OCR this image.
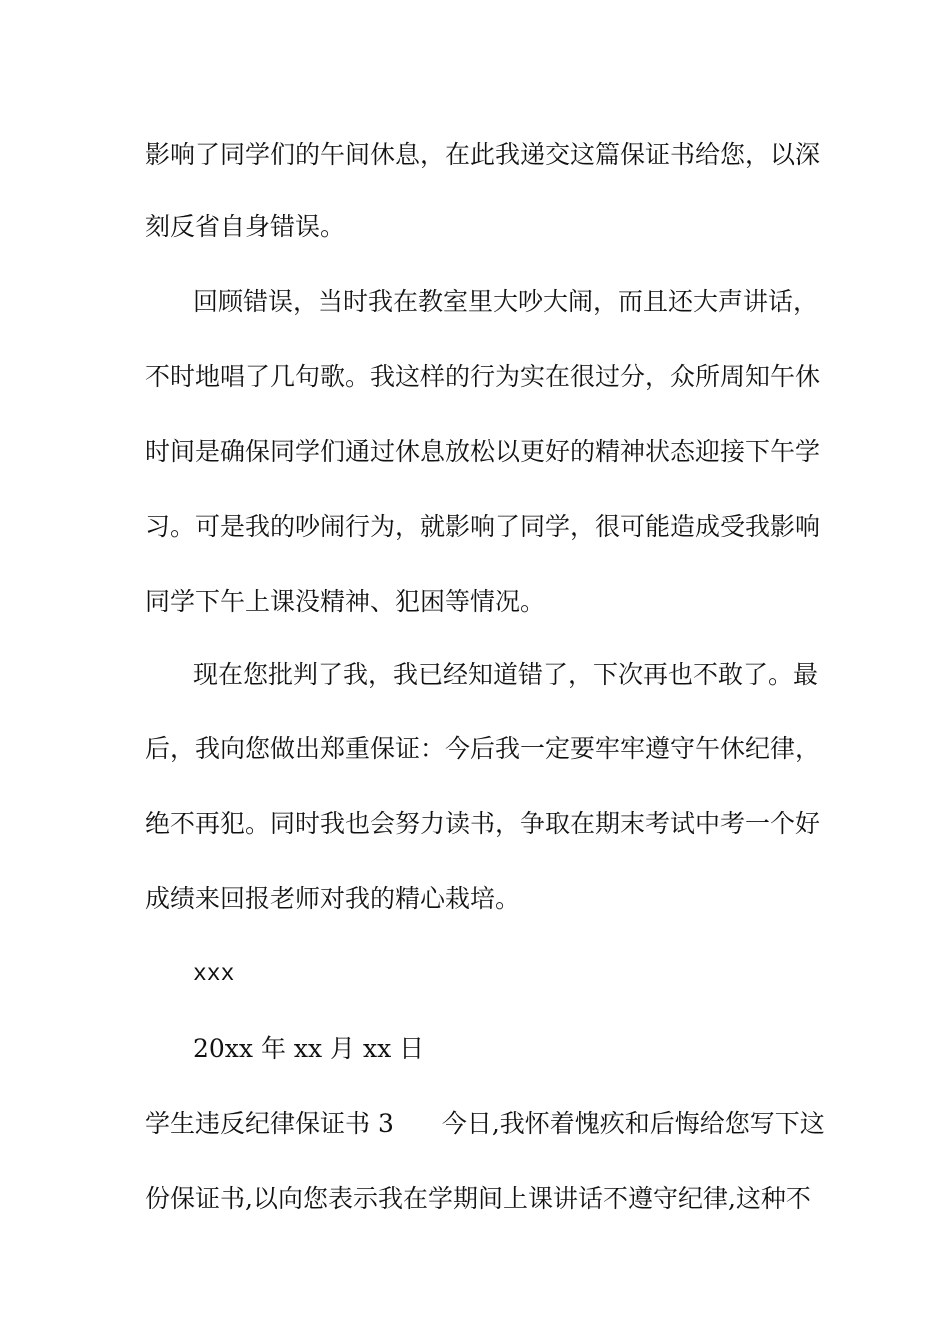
影响了同学们的午间休息，在此我递交这篇保证书给您，以深
刻反省自身错误。
回顾错误，当时我在教室里大吵大闹，而且还大声讲话，
不时地唱了几句歌。我这样的行为实在很过分，众所周知午休
时间是确保同学们通过休息放松以更好的精神状态迎接下午学
习。可是我的吵闹行为，就影响了同学，很可能造成受我影响
同学下午上课没精神、犯困等情况。
现在您批判了我，我已经知道错了，下次再也不敢了。最
后，我向您做出郑重保证：今后我一定要牢牢遵守午休纪律，
绝不再犯。同时我也会努力读书，争取在期末考试中考一个好
成绩来回报老师对我的精心栽培。
xxx
20xx 年 xx 月 xx 日
学生违反纪律保证书 3 今日,我怀着愧疚和后悔给您写下这
份保证书,以向您表示我在学期间上课讲话不遵守纪律,这种不
